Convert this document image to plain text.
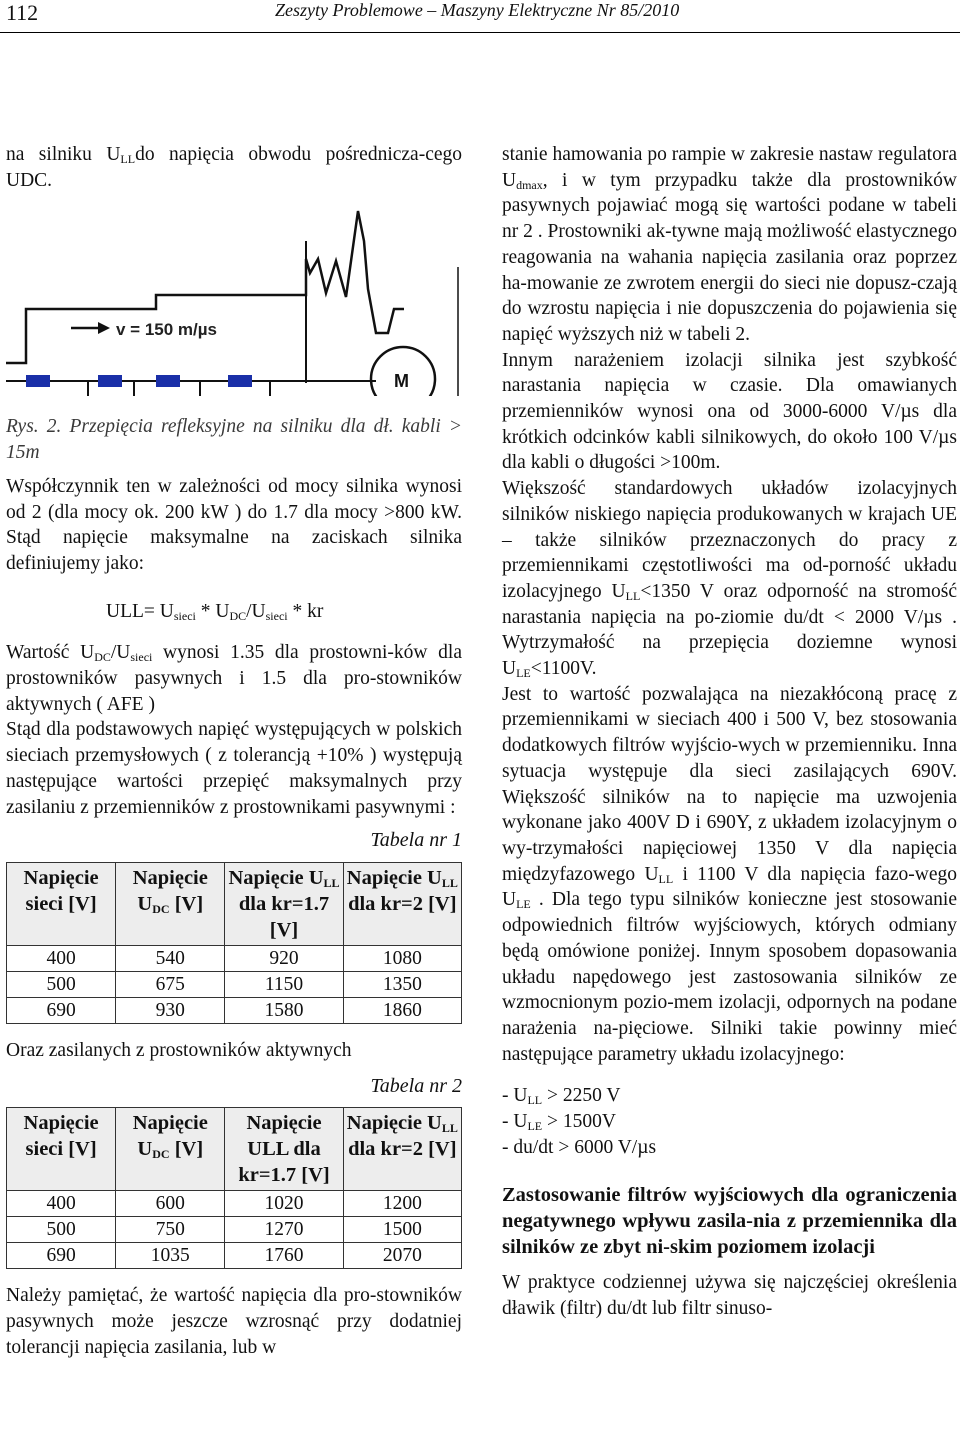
112	Zeszyty Problemowe – Maszyny Elektryczne Nr 85/2010

na silniku $U_{LL}do$ napięcia obwodu pośrednicza-cego UDC.

v = 150 m/µs
M

Rys. 2. Przepięcia refleksyjne na silniku dla dł. kabli > 15m

Współczynnik ten w zależności od mocy silnika wynosi od 2 (dla mocy ok. 200 kW ) do 1.7 dla mocy >800 kW. Stąd napięcie maksymalne na zaciskach silnika definiujemy jako:

$ULL= U_{sieci} * U_{DC}/U_{sieci}$ * kr

Wartość $U_{DC}/U_{sieci}$ wynosi 1.35 dla prostowni-ków dla prostowników pasywnych i 1.5 dla pro-stowników aktywnych ( AFE )

Stąd dla podstawowych napięć występujących w polskich sieciach przemysłowych ( z tolerancją +10% ) występują następujące wartości przepięć maksymalnych przy zasilaniu z przemienników z prostownikami pasywnymi :

Tabela nr 1
Napięcie sieci [V]	Napięcie $U_{DC}$ [V]	Napięcie $U_{LL}$ dla kr=1.7 [V]	Napięcie $U_{LL}$ dla kr=2 [V]
400	540	920	1080
500	675	1150	1350
690	930	1580	1860

Oraz zasilanych z prostowników aktywnych

Tabela nr 2
Napięcie sieci [V]	Napięcie $U_{DC}$ [V]	Napięcie ULL dla kr=1.7 [V]	Napięcie $U_{LL}$ dla kr=2 [V]
400	600	1020	1200
500	750	1270	1500
690	1035	1760	2070

Należy pamiętać, że wartość napięcia dla pro-stowników pasywnych może jeszcze wzrosnąć przy dodatniej tolerancji napięcia zasilania, lub w

stanie hamowania po rampie w zakresie nastaw regulatora $U_{dmax}$, i w tym przypadku także dla prostowników pasywnych pojawiać mogą się wartości podane w tabeli nr 2 . Prostowniki ak-tywne mają możliwość elastycznego reagowania na wahania napięcia zasilania oraz poprzez ha-mowanie ze zwrotem energii do sieci nie dopusz-czają do wzrostu napięcia i nie dopuszczenia do pojawienia się napięć wyższych niż w tabeli 2.

Innym narażeniem izolacji silnika jest szybkość narastania napięcia w czasie. Dla omawianych przemienników wynosi ona od 3000-6000 V/µs dla krótkich odcinków kabli silnikowych, do około 100 V/µs dla kabli o długości >100m.

Większość standardowych układów izolacyjnych silników niskiego napięcia produkowanych w krajach UE – także silników przeznaczonych do pracy z przemiennikami częstotliwości ma od-porność układu izolacyjnego $U_{LL}<1350$ V oraz odporność na stromość narastania napięcia na po-ziomie du/dt < 2000 V/µs . Wytrzymałość na przepięcia doziemne wynosi $U_{LE}<1100V$.

Jest to wartość pozwalająca na niezakłóconą pracę z przemiennikami w sieciach 400 i 500 V, bez stosowania dodatkowych filtrów wyjścio-wych w przemienniku. Inna sytuacja występuje dla sieci zasilających 690V. Większość silników na to napięcie ma uzwojenia wykonane jako 400V D i 690Y, z układem izolacyjnym o wy-trzymałości napięciowej 1350 V dla napięcia międzyfazowego $U_{LL}$ i 1100 V dla napięcia fazo-wego $U_{LE}$ . Dla tego typu silników konieczne jest stosowanie odpowiednich filtrów wyjściowych, których odmiany będą omówione poniżej. Innym sposobem dopasowania układu napędowego jest zastosowania silników ze wzmocnionym pozio-mem izolacji, odpornych na podane narażenia na-pięciowe. Silniki takie powinny mieć następujące parametry układu izolacyjnego:

- $U_{LL} > 2250$ V

- $U_{LE} > 1500V$

- du/dt > 6000 V/µs

Zastosowanie filtrów wyjściowych dla ograniczenia negatywnego wpływu zasila-nia z przemiennika dla silników ze zbyt ni-skim poziomem izolacji

W praktyce codziennej używa się najczęściej określenia dławik (filtr) du/dt lub filtr sinuso-
